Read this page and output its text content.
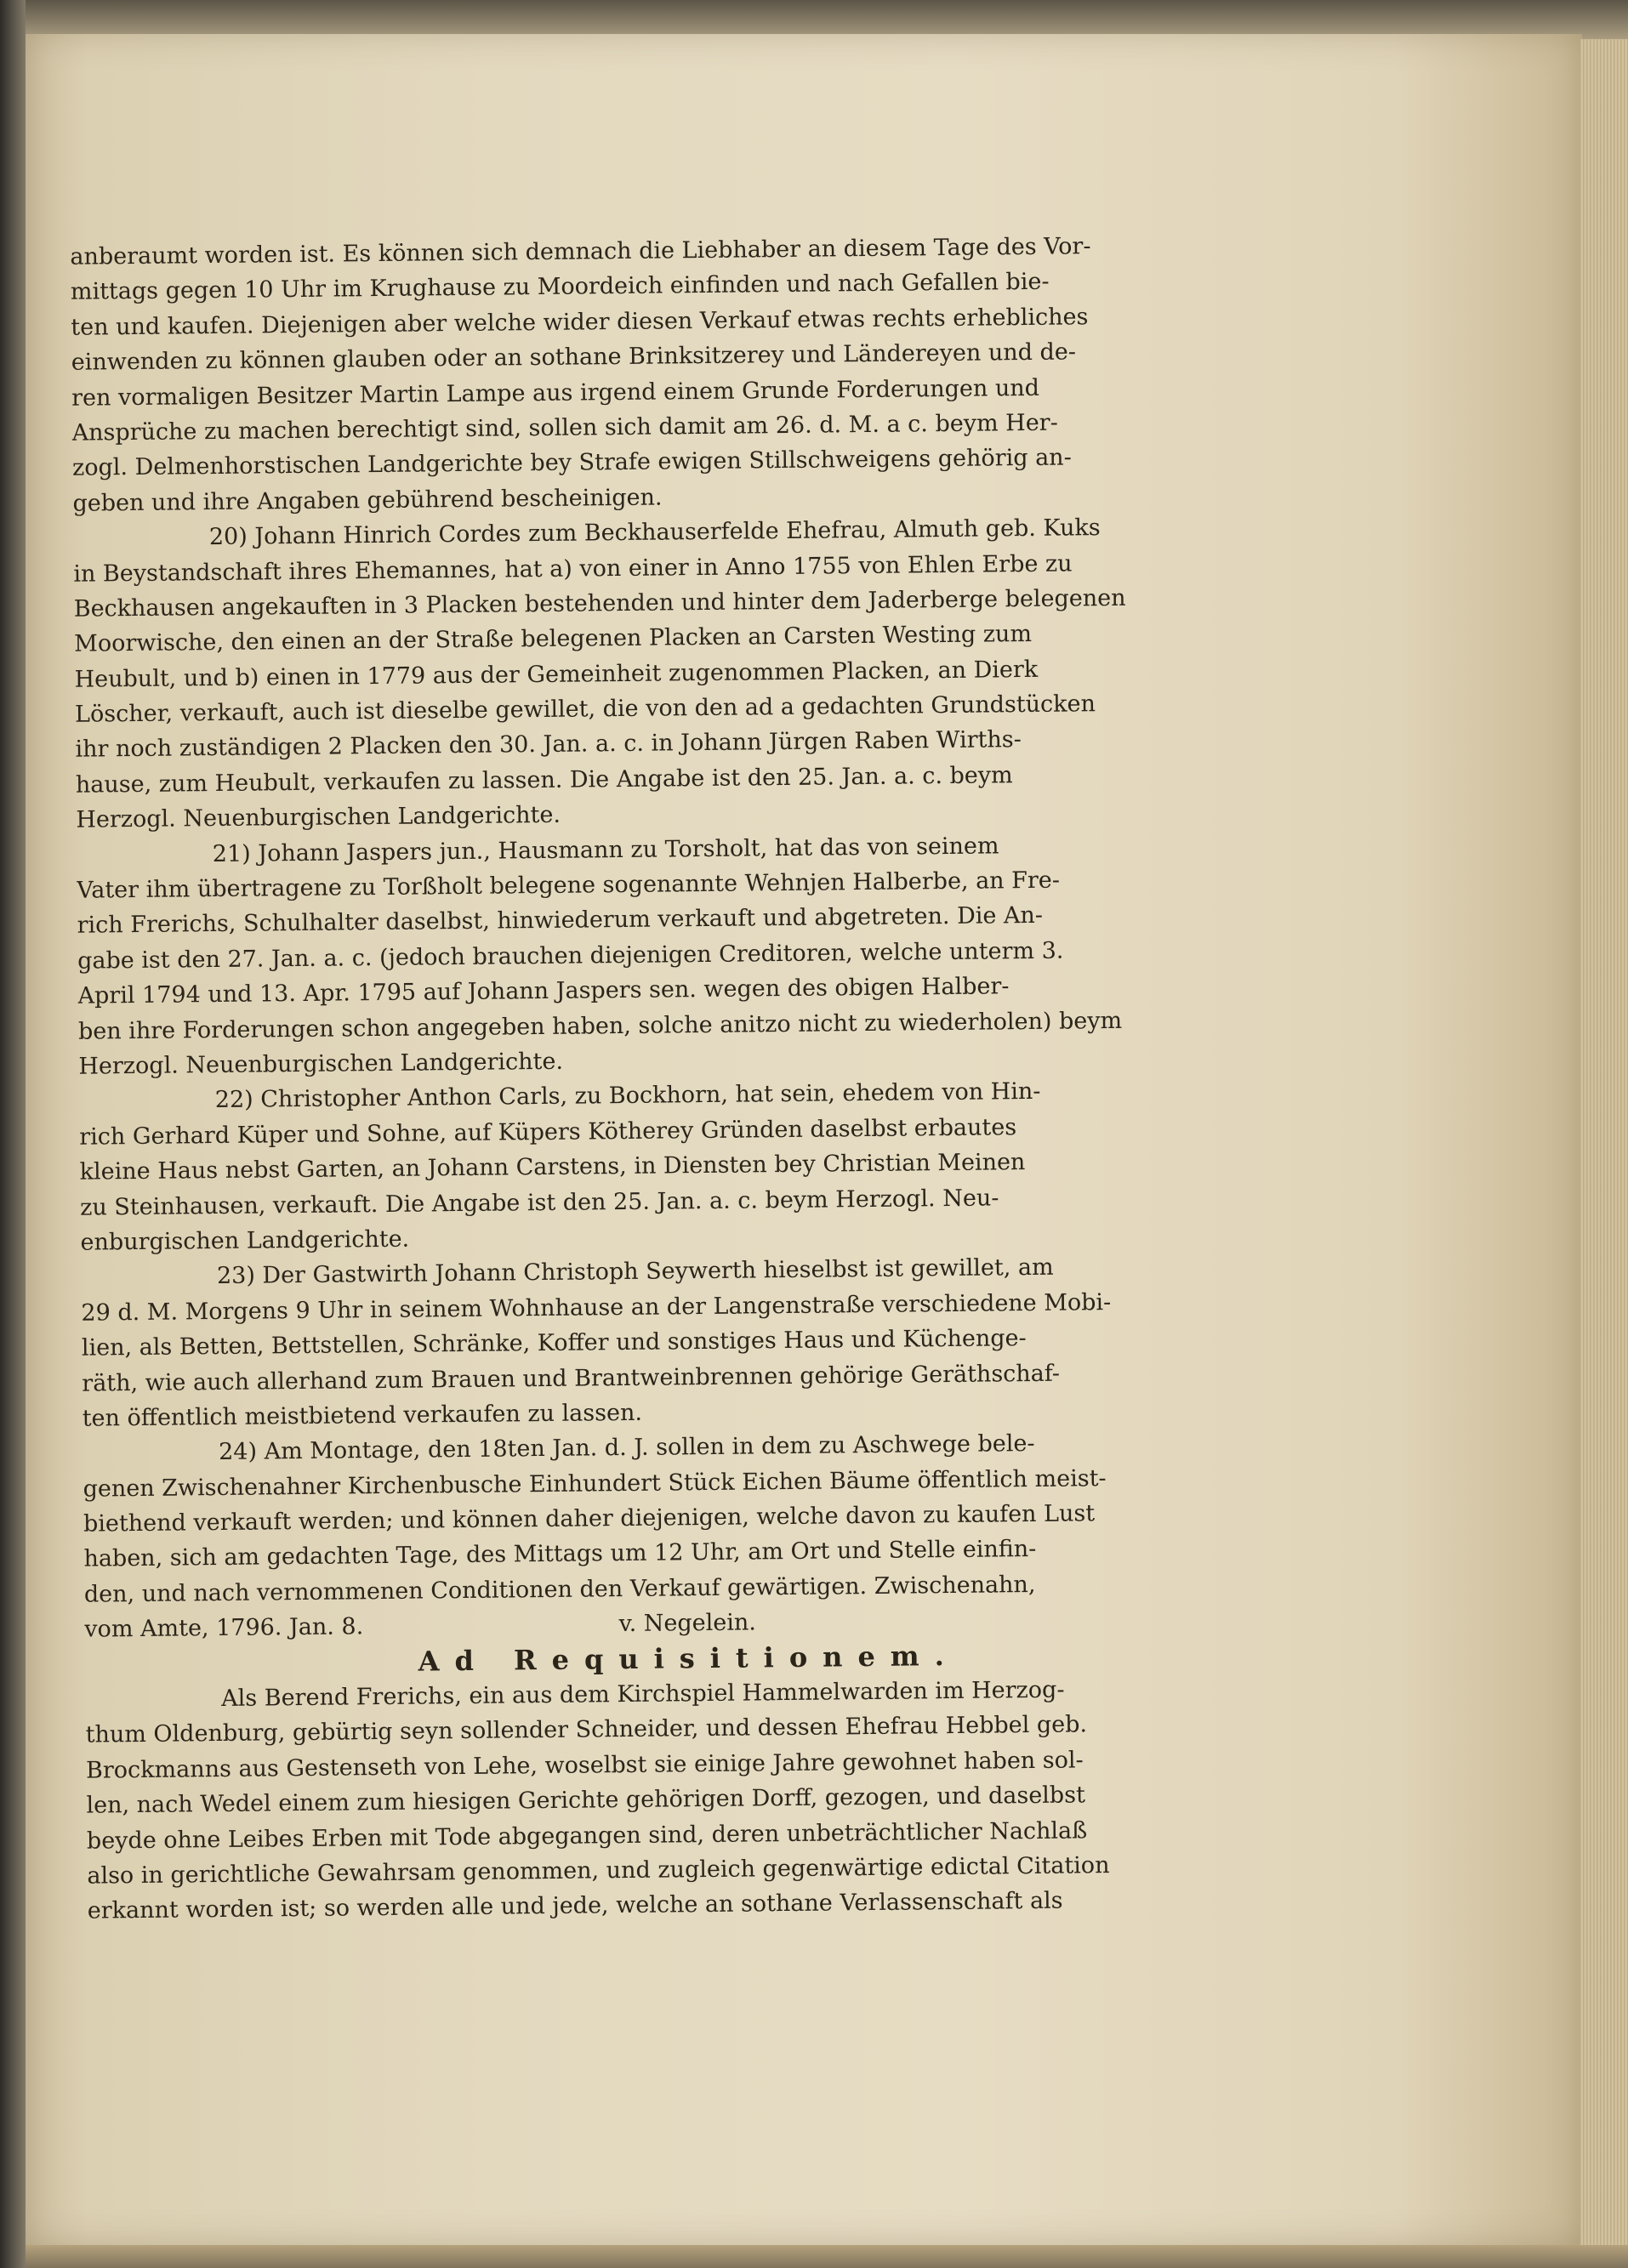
anberaumt worden ist. Es können sich demnach die Liebhaber an diesem Tage des Vor-
mittags gegen 10 Uhr im Krughause zu Moordeich einfinden und nach Gefallen bie-
ten und kaufen. Diejenigen aber welche wider diesen Verkauf etwas rechts erhebliches
einwenden zu können glauben oder an sothane Brinksitzerey und Ländereyen und de-
ren vormaligen Besitzer Martin Lampe aus irgend einem Grunde Forderungen und
Ansprüche zu machen berechtigt sind, sollen sich damit am 26. d. M. a c. beym Her-
zogl. Delmenhorstischen Landgerichte bey Strafe ewigen Stillschweigens gehörig an-
geben und ihre Angaben gebührend bescheinigen.
20) Johann Hinrich Cordes zum Beckhauserfelde Ehefrau, Almuth geb. Kuks
in Beystandschaft ihres Ehemannes, hat a) von einer in Anno 1755 von Ehlen Erbe zu
Beckhausen angekauften in 3 Placken bestehenden und hinter dem Jaderberge belegenen
Moorwische, den einen an der Straße belegenen Placken an Carsten Westing zum
Heubult, und b) einen in 1779 aus der Gemeinheit zugenommen Placken, an Dierk
Löscher, verkauft, auch ist dieselbe gewillet, die von den ad a gedachten Grundstücken
ihr noch zuständigen 2 Placken den 30. Jan. a. c. in Johann Jürgen Raben Wirths-
hause, zum Heubult, verkaufen zu lassen. Die Angabe ist den 25. Jan. a. c. beym
Herzogl. Neuenburgischen Landgerichte.
21) Johann Jaspers jun., Hausmann zu Torsholt, hat das von seinem
Vater ihm übertragene zu Torßholt belegene sogenannte Wehnjen Halberbe, an Fre-
rich Frerichs, Schulhalter daselbst, hinwiederum verkauft und abgetreten. Die An-
gabe ist den 27. Jan. a. c. (jedoch brauchen diejenigen Creditoren, welche unterm 3.
April 1794 und 13. Apr. 1795 auf Johann Jaspers sen. wegen des obigen Halber-
ben ihre Forderungen schon angegeben haben, solche anitzo nicht zu wiederholen) beym
Herzogl. Neuenburgischen Landgerichte.
22) Christopher Anthon Carls, zu Bockhorn, hat sein, ehedem von Hin-
rich Gerhard Küper und Sohne, auf Küpers Kötherey Gründen daselbst erbautes
kleine Haus nebst Garten, an Johann Carstens, in Diensten bey Christian Meinen
zu Steinhausen, verkauft. Die Angabe ist den 25. Jan. a. c. beym Herzogl. Neu-
enburgischen Landgerichte.
23) Der Gastwirth Johann Christoph Seywerth hieselbst ist gewillet, am
29 d. M. Morgens 9 Uhr in seinem Wohnhause an der Langenstraße verschiedene Mobi-
lien, als Betten, Bettstellen, Schränke, Koffer und sonstiges Haus und Küchenge-
räth, wie auch allerhand zum Brauen und Brantweinbrennen gehörige Geräthschaf-
ten öffentlich meistbietend verkaufen zu lassen.
24) Am Montage, den 18ten Jan. d. J. sollen in dem zu Aschwege bele-
genen Zwischenahner Kirchenbusche Einhundert Stück Eichen Bäume öffentlich meist-
biethend verkauft werden; und können daher diejenigen, welche davon zu kaufen Lust
haben, sich am gedachten Tage, des Mittags um 12 Uhr, am Ort und Stelle einfin-
den, und nach vernommenen Conditionen den Verkauf gewärtigen. Zwischenahn,
vom Amte, 1796. Jan. 8.                                   v. Negelein.
Ad Requisitionem.
Als Berend Frerichs, ein aus dem Kirchspiel Hammelwarden im Herzog-
thum Oldenburg, gebürtig seyn sollender Schneider, und dessen Ehefrau Hebbel geb.
Brockmanns aus Gestenseth von Lehe, woselbst sie einige Jahre gewohnet haben sol-
len, nach Wedel einem zum hiesigen Gerichte gehörigen Dorff, gezogen, und daselbst
beyde ohne Leibes Erben mit Tode abgegangen sind, deren unbeträchtlicher Nachlaß
also in gerichtliche Gewahrsam genommen, und zugleich gegenwärtige edictal Citation
erkannt worden ist; so werden alle und jede, welche an sothane Verlassenschaft als
